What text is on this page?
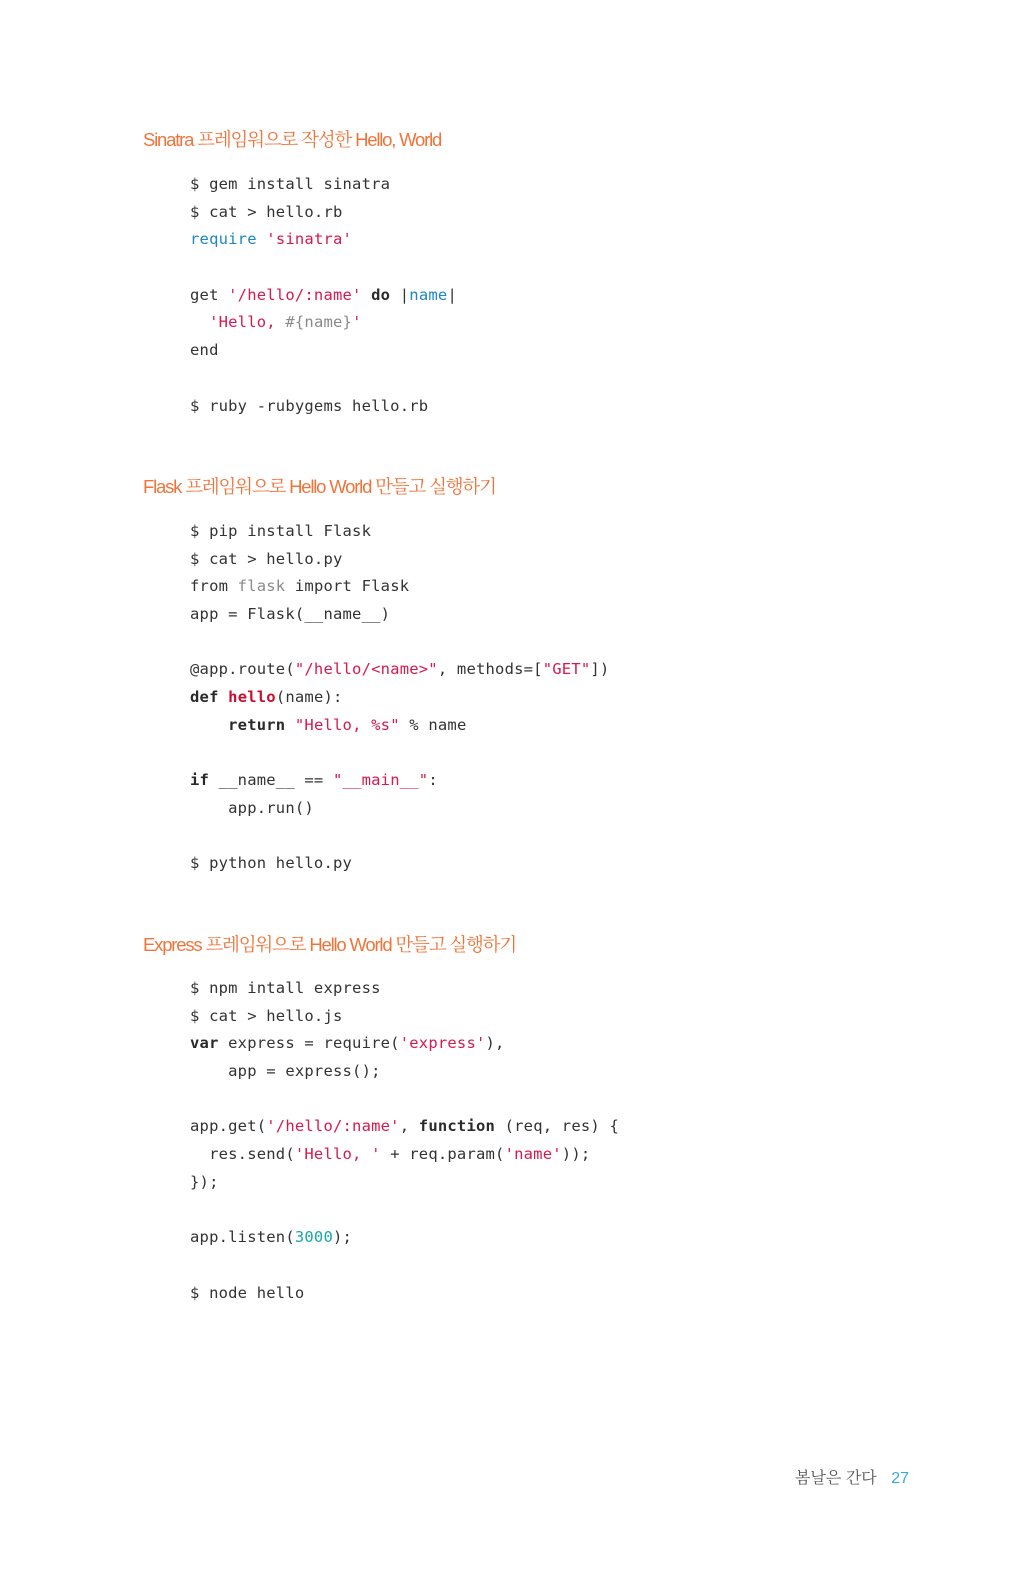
Sinatra 프레임워으로 작성한 Hello, World
$ gem install sinatra
$ cat > hello.rb
require 'sinatra'
get '/hello/:name' do |name|
'Hello, #{name}'
end
$ ruby -rubygems hello.rb
Flask 프레임워으로 Hello World 만들고 실행하기
$ pip install Flask
$ cat > hello.py
from flask import Flask
app = Flask(__name__)
@app.route("/hello/<name>", methods=["GET"])
def hello(name):
return "Hello, %s" % name
if __name__ == "__main__":
app.run()
$ python hello.py
Express 프레임워으로 Hello World 만들고 실행하기
$ npm intall express
$ cat > hello.js
var express = require('express'),
app = express();
app.get('/hello/:name', function (req, res) {
res.send('Hello, ' + req.param('name'));
});
app.listen(3000);
$ node hello
봄날은 간다 27
